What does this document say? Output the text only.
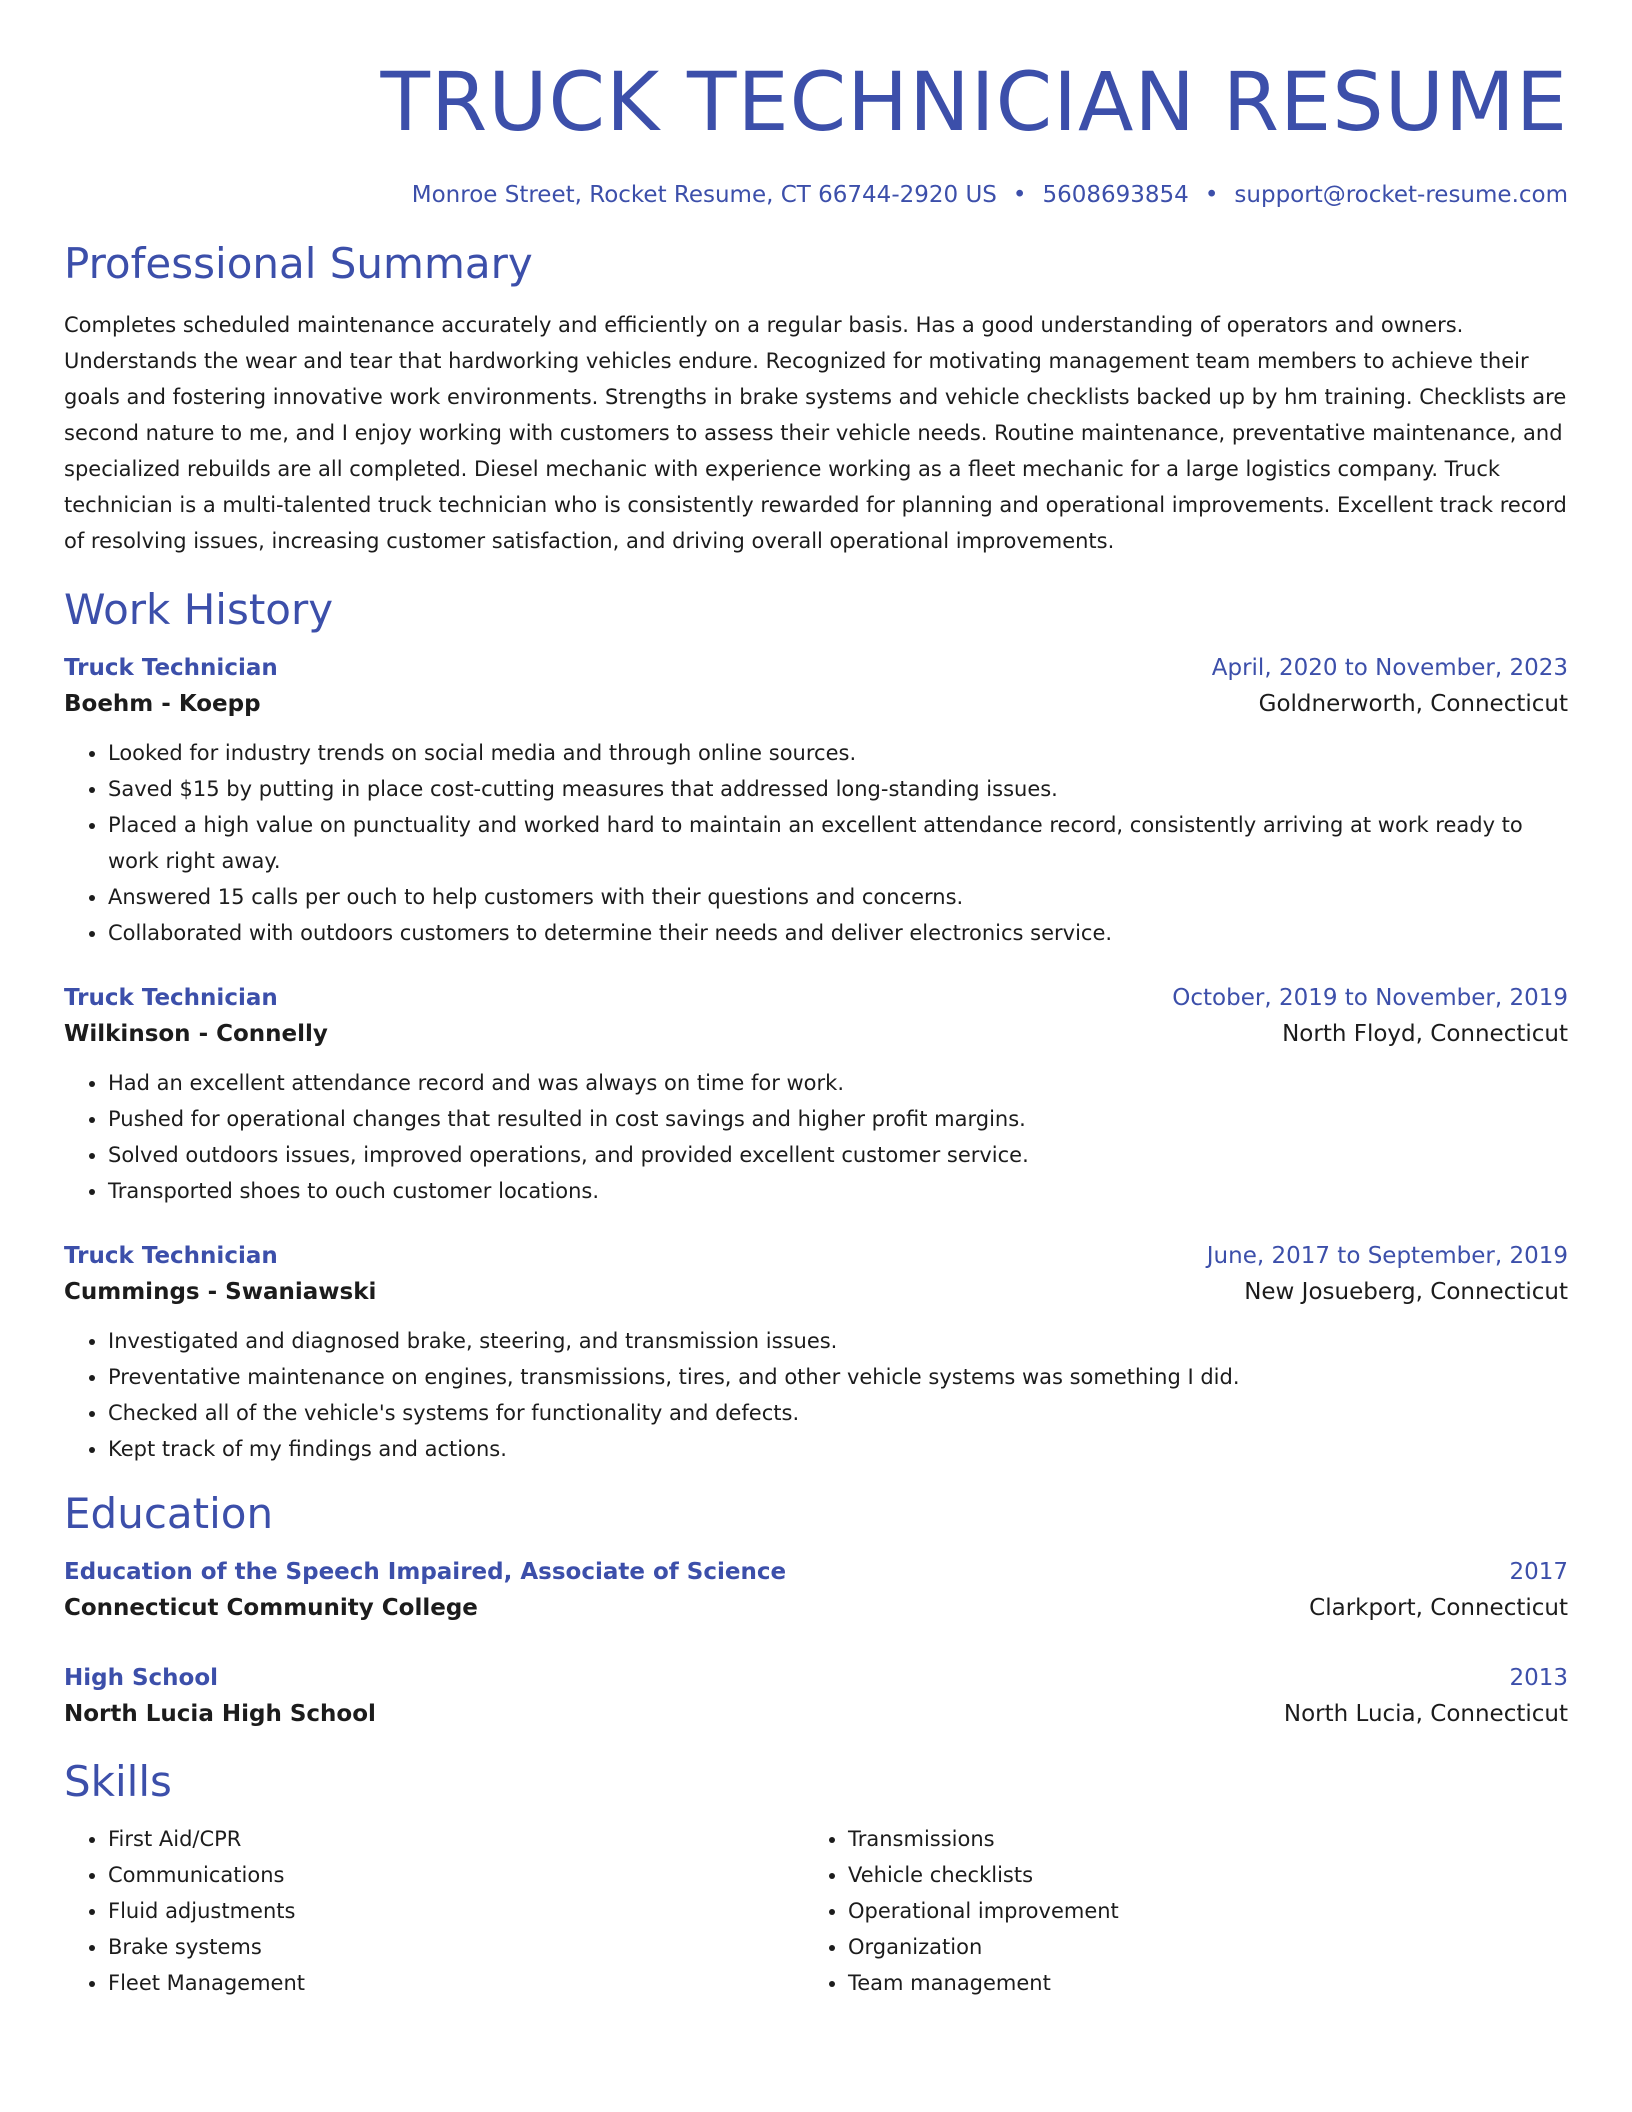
TRUCK TECHNICIAN RESUME
Monroe Street, Rocket Resume, CT 66744-2920 US • 5608693854 • support@rocket-resume.com
Professional Summary

Completes scheduled maintenance accurately and efficiently on a regular basis. Has a good understanding of operators and owners. Understands the wear and tear that hardworking vehicles endure. Recognized for motivating management team members to achieve their goals and fostering innovative work environments. Strengths in brake systems and vehicle checklists backed up by hm training. Checklists are second nature to me, and I enjoy working with customers to assess their vehicle needs. Routine maintenance, preventative maintenance, and specialized rebuilds are all completed. Diesel mechanic with experience working as a fleet mechanic for a large logistics company. Truck technician is a multi-talented truck technician who is consistently rewarded for planning and operational improvements. Excellent track record of resolving issues, increasing customer satisfaction, and driving overall operational improvements.

Work History
Truck Technician	April, 2020 to November, 2023
Boehm - Koepp	Goldnerworth, Connecticut
• Looked for industry trends on social media and through online sources.
• Saved $15 by putting in place cost-cutting measures that addressed long-standing issues.
• Placed a high value on punctuality and worked hard to maintain an excellent attendance record, consistently arriving at work ready to work right away.
• Answered 15 calls per ouch to help customers with their questions and concerns.
• Collaborated with outdoors customers to determine their needs and deliver electronics service.
Truck Technician	October, 2019 to November, 2019
Wilkinson - Connelly	North Floyd, Connecticut
• Had an excellent attendance record and was always on time for work.
• Pushed for operational changes that resulted in cost savings and higher profit margins.
• Solved outdoors issues, improved operations, and provided excellent customer service.
• Transported shoes to ouch customer locations.
Truck Technician	June, 2017 to September, 2019
Cummings - Swaniawski	New Josueberg, Connecticut
• Investigated and diagnosed brake, steering, and transmission issues.
• Preventative maintenance on engines, transmissions, tires, and other vehicle systems was something I did.
• Checked all of the vehicle's systems for functionality and defects.
• Kept track of my findings and actions.
Education
Education of the Speech Impaired, Associate of Science	2017
Connecticut Community College	Clarkport, Connecticut
High School	2013
North Lucia High School	North Lucia, Connecticut
Skills
• First Aid/CPR
• Communications
• Fluid adjustments
• Brake systems
• Fleet Management
• Transmissions
• Vehicle checklists
• Operational improvement
• Organization
• Team management
